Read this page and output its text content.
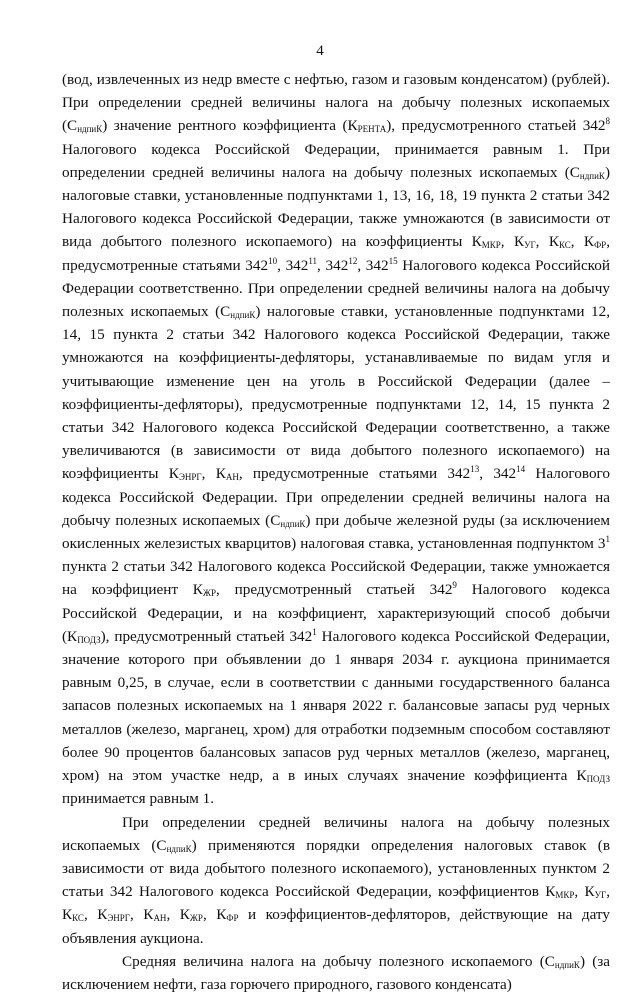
4

(вод, извлеченных из недр вместе с нефтью, газом и газовым конденсатом) (рублей). При определении средней величины налога на добычу полезных ископаемых $(С_{ндпиК})$ значение рентного коэффициента $(К_{РЕНТА})$, предусмотренного статьей $342^8$ Налогового кодекса Российской Федерации, принимается равным 1. При определении средней величины налога на добычу полезных ископаемых $(С_{ндпиК})$ налоговые ставки, установленные подпунктами 1, 13, 16, 18, 19 пункта 2 статьи 342 Налогового кодекса Российской Федерации, также умножаются (в зависимости от вида добытого полезного ископаемого) на коэффициенты $К_{МКР}$, $К_{УГ}$, $К_{КС}$, $К_{ФР}$, предусмотренные статьями $342^{10}$, $342^{11}$, $342^{12}$, $342^{15}$ Налогового кодекса Российской Федерации соответственно. При определении средней величины налога на добычу полезных ископаемых $(С_{ндпиК})$ налоговые ставки, установленные подпунктами 12, 14, 15 пункта 2 статьи 342 Налогового кодекса Российской Федерации, также умножаются на коэффициенты-дефляторы, устанавливаемые по видам угля и учитывающие изменение цен на уголь в Российской Федерации (далее – коэффициенты-дефляторы), предусмотренные подпунктами 12, 14, 15 пункта 2 статьи 342 Налогового кодекса Российской Федерации соответственно, а также увеличиваются (в зависимости от вида добытого полезного ископаемого) на коэффициенты $К_{ЭНРГ}$, $К_{АН}$, предусмотренные статьями $342^{13}$, $342^{14}$ Налогового кодекса Российской Федерации. При определении средней величины налога на добычу полезных ископаемых $(С_{ндпиК})$ при добыче железной руды (за исключением окисленных железистых кварцитов) налоговая ставка, установленная подпунктом $3^1$ пункта 2 статьи 342 Налогового кодекса Российской Федерации, также умножается на коэффициент $К_{ЖР}$, предусмотренный статьей $342^9$ Налогового кодекса Российской Федерации, и на коэффициент, характеризующий способ добычи $(К_{ПОДЗ})$, предусмотренный статьей $342^1$ Налогового кодекса Российской Федерации, значение которого при объявлении до 1 января 2034 г. аукциона принимается равным 0,25, в случае, если в соответствии с данными государственного баланса запасов полезных ископаемых на 1 января 2022 г. балансовые запасы руд черных металлов (железо, марганец, хром) для отработки подземным способом составляют более 90 процентов балансовых запасов руд черных металлов (железо, марганец, хром) на этом участке недр, а в иных случаях значение коэффициента $К_{ПОДЗ}$ принимается равным 1.

При определении средней величины налога на добычу полезных ископаемых $(С_{ндпиК})$ применяются порядки определения налоговых ставок (в зависимости от вида добытого полезного ископаемого), установленных пунктом 2 статьи 342 Налогового кодекса Российской Федерации, коэффициентов $К_{МКР}$, $К_{УГ}$, $К_{КС}$, $К_{ЭНРГ}$, $К_{АН}$, $К_{ЖР}$, $К_{ФР}$ и коэффициентов-дефляторов, действующие на дату объявления аукциона.

Средняя величина налога на добычу полезного ископаемого $(С_{ндпиК})$ (за исключением нефти, газа горючего природного, газового конденсата)
